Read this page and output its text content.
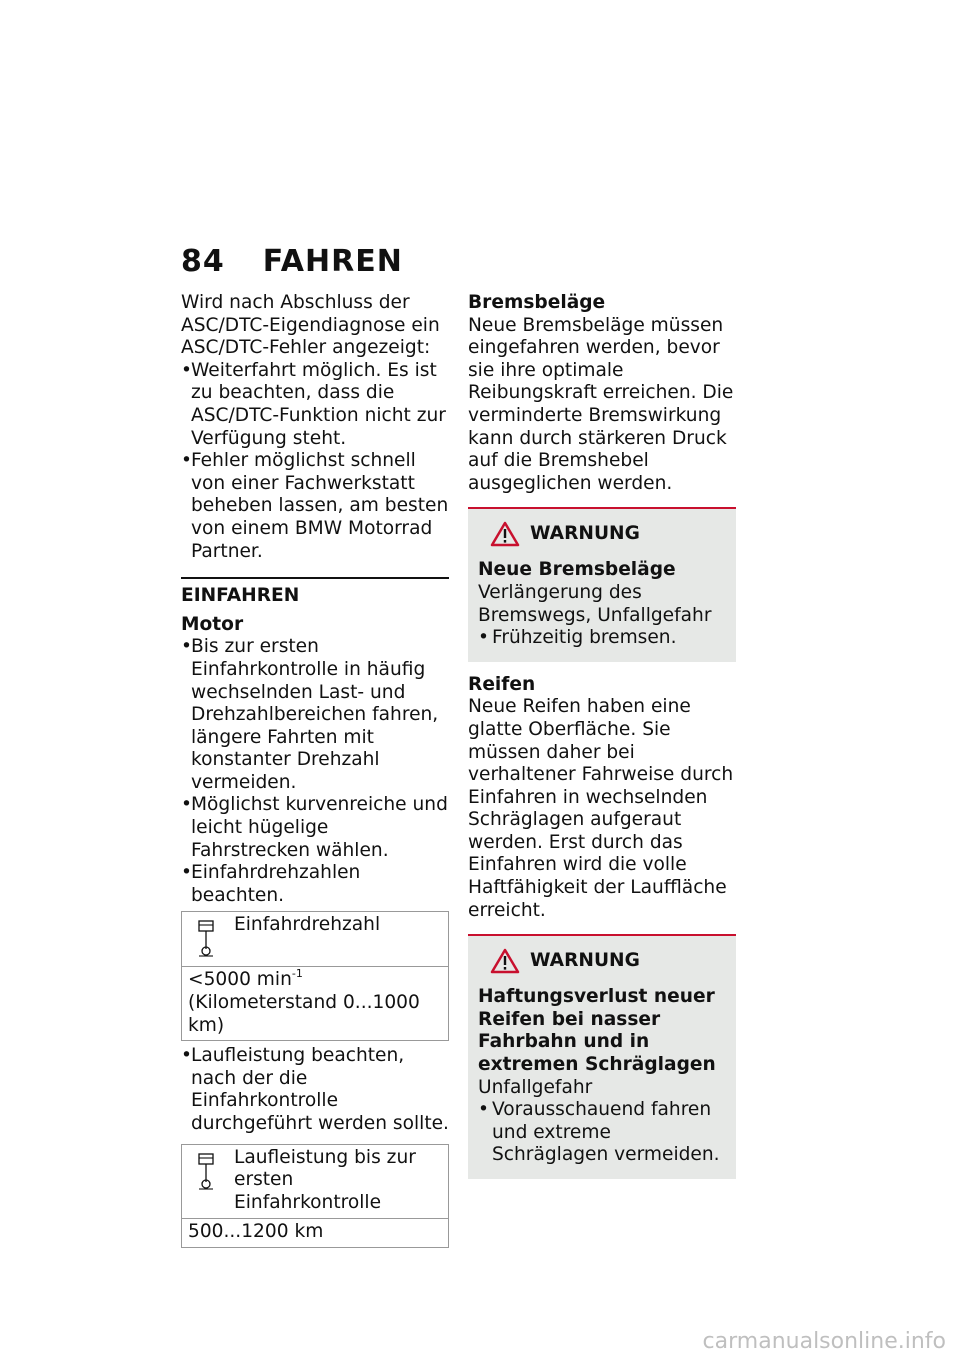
84 FAHREN

Wird nach Abschluss der ASC/DTC-Eigendiagnose ein ASC/DTC-Fehler angezeigt:

• Weiterfahrt möglich. Es ist zu beachten, dass die ASC/DTC-Funktion nicht zur Verfügung steht.
• Fehler möglichst schnell von einer Fachwerkstatt beheben lassen, am besten von einem BMW Motorrad Partner.
EINFAHREN
Motor
• Bis zur ersten Einfahrkontrolle in häufig wechselnden Last- und Drehzahlbereichen fahren, längere Fahrten mit konstanter Drehzahl vermeiden.
• Möglichst kurvenreiche und leicht hügelige Fahrstrecken wählen.
• Einfahrdrehzahlen beachten.
Einfahrdrehzahl
<5000 $\min^{-1}$ (Kilometerstand 0...1000 km)
• Laufleistung beachten, nach der die Einfahrkontrolle durchgeführt werden sollte.
Laufleistung bis zur ersten Einfahrkontrolle
500...1200 km
Bremsbeläge

Neue Bremsbeläge müssen eingefahren werden, bevor sie ihre optimale Reibungskraft erreichen. Die verminderte Bremswirkung kann durch stärkeren Druck auf die Bremshebel ausgeglichen werden.

WARNUNG
Neue Bremsbeläge
Verlängerung des Bremswegs, Unfallgefahr
• Frühzeitig bremsen.
Reifen

Neue Reifen haben eine glatte Oberfläche. Sie müssen daher bei verhaltener Fahrweise durch Einfahren in wechselnden Schräglagen aufgeraut werden. Erst durch das Einfahren wird die volle Haftfähigkeit der Lauffläche erreicht.

WARNUNG
Haftungsverlust neuer Reifen bei nasser Fahrbahn und in extremen Schräglagen
Unfallgefahr
• Vorausschauend fahren und extreme Schräglagen vermeiden.
carmanualsonline.info
